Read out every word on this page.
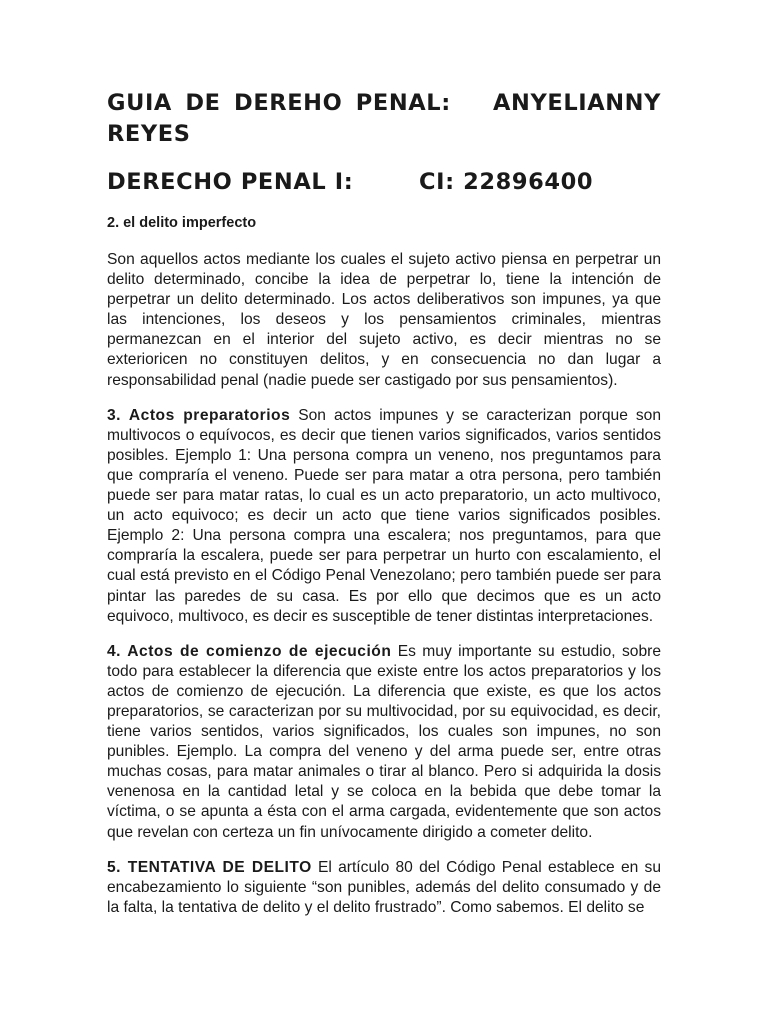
GUIA DE DEREHO PENAL: ANYELIANNY
REYES
DERECHO PENAL I:	CI: 22896400
2. el delito imperfecto

Son aquellos actos mediante los cuales el sujeto activo piensa en perpetrar un delito determinado, concibe la idea de perpetrar lo, tiene la intención de perpetrar un delito determinado. Los actos deliberativos son impunes, ya que las intenciones, los deseos y los pensamientos criminales, mientras permanezcan en el interior del sujeto activo, es decir mientras no se exterioricen no constituyen delitos, y en consecuencia no dan lugar a responsabilidad penal (nadie puede ser castigado por sus pensamientos).

3. Actos preparatorios Son actos impunes y se caracterizan porque son multivocos o equívocos, es decir que tienen varios significados, varios sentidos posibles. Ejemplo 1: Una persona compra un veneno, nos preguntamos para que compraría el veneno. Puede ser para matar a otra persona, pero también puede ser para matar ratas, lo cual es un acto preparatorio, un acto multivoco, un acto equivoco; es decir un acto que tiene varios significados posibles. Ejemplo 2: Una persona compra una escalera; nos preguntamos, para que compraría la escalera, puede ser para perpetrar un hurto con escalamiento, el cual está previsto en el Código Penal Venezolano; pero también puede ser para pintar las paredes de su casa. Es por ello que decimos que es un acto equivoco, multivoco, es decir es susceptible de tener distintas interpretaciones.

4. Actos de comienzo de ejecución Es muy importante su estudio, sobre todo para establecer la diferencia que existe entre los actos preparatorios y los actos de comienzo de ejecución. La diferencia que existe, es que los actos preparatorios, se caracterizan por su multivocidad, por su equivocidad, es decir, tiene varios sentidos, varios significados, los cuales son impunes, no son punibles. Ejemplo. La compra del veneno y del arma puede ser, entre otras muchas cosas, para matar animales o tirar al blanco. Pero si adquirida la dosis venenosa en la cantidad letal y se coloca en la bebida que debe tomar la víctima, o se apunta a ésta con el arma cargada, evidentemente que son actos que revelan con certeza un fin unívocamente dirigido a cometer delito.

5. TENTATIVA DE DELITO El artículo 80 del Código Penal establece en su encabezamiento lo siguiente “son punibles, además del delito consumado y de la falta, la tentativa de delito y el delito frustrado”. Como sabemos. El delito se
